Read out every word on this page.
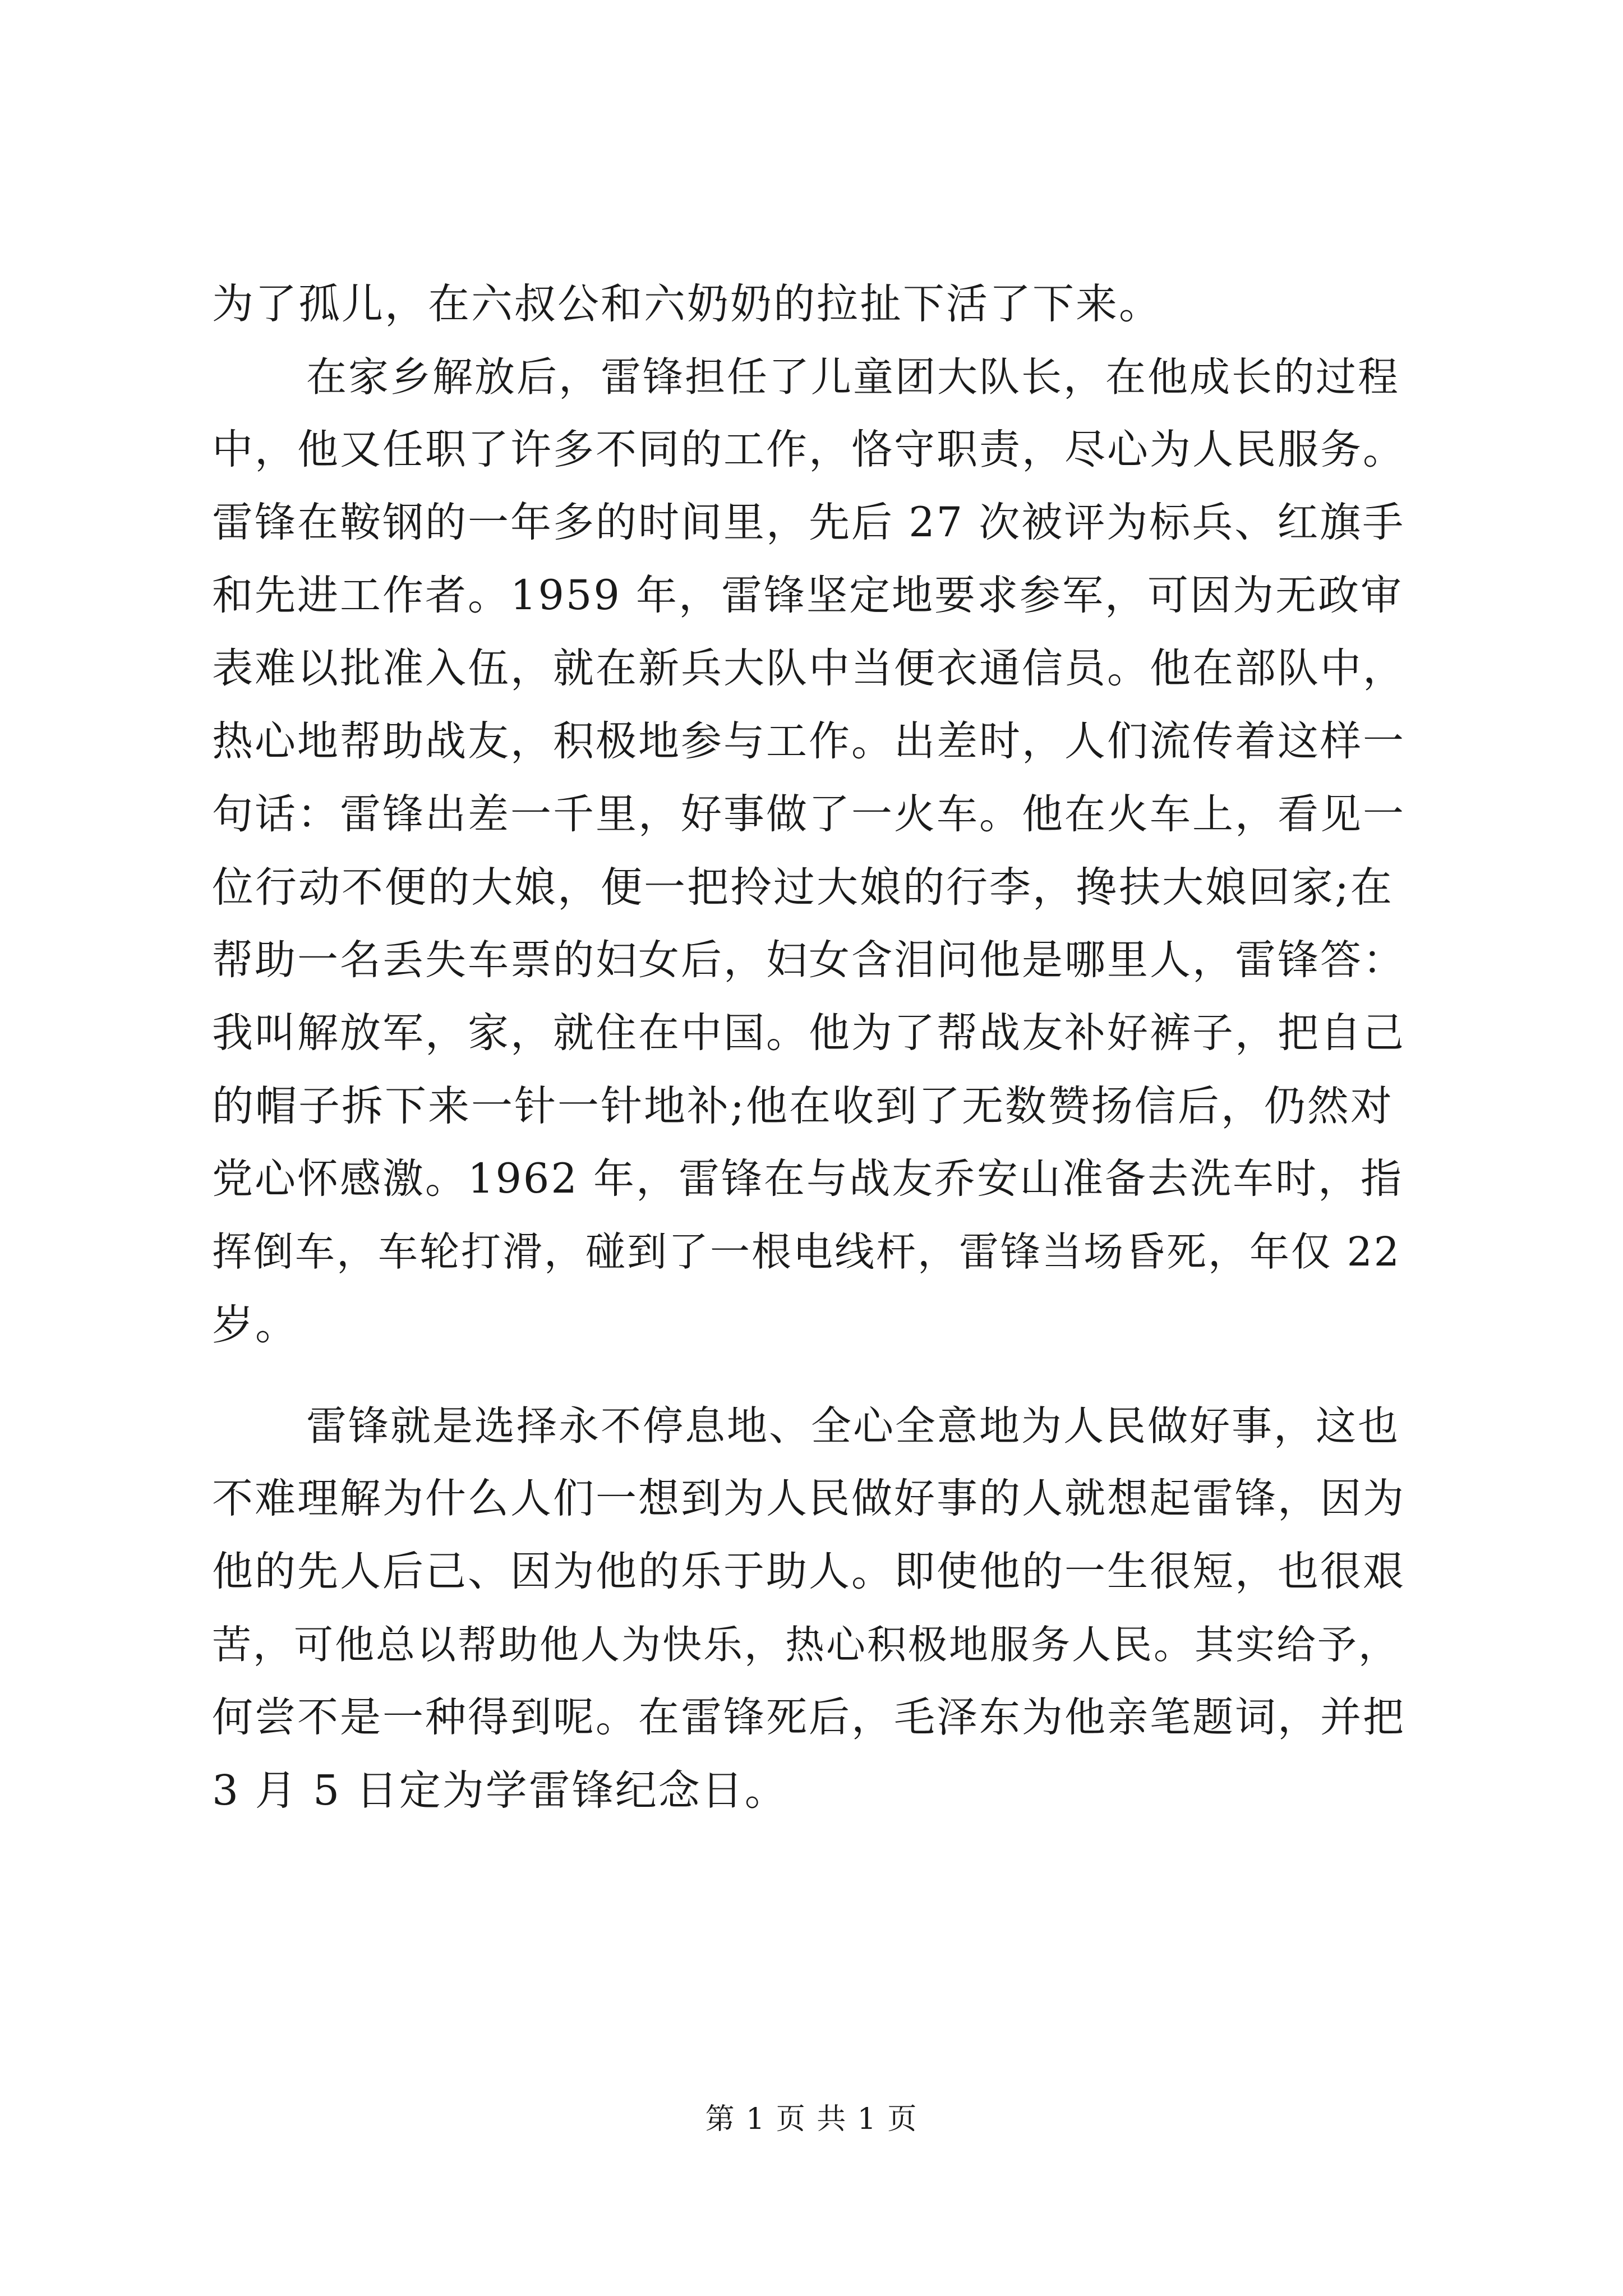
为了孤儿，在六叔公和六奶奶的拉扯下活了下来。
在家乡解放后，雷锋担任了儿童团大队长，在他成长的过程
中，他又任职了许多不同的工作，恪守职责，尽心为人民服务。
雷锋在鞍钢的一年多的时间里，先后 27 次被评为标兵、红旗手
和先进工作者。1959 年，雷锋坚定地要求参军，可因为无政审
表难以批准入伍，就在新兵大队中当便衣通信员。他在部队中，
热心地帮助战友，积极地参与工作。出差时，人们流传着这样一
句话：雷锋出差一千里，好事做了一火车。他在火车上，看见一
位行动不便的大娘，便一把拎过大娘的行李，搀扶大娘回家;在
帮助一名丢失车票的妇女后，妇女含泪问他是哪里人，雷锋答：
我叫解放军，家，就住在中国。他为了帮战友补好裤子，把自己
的帽子拆下来一针一针地补;他在收到了无数赞扬信后，仍然对
党心怀感激。1962 年，雷锋在与战友乔安山准备去洗车时，指
挥倒车，车轮打滑，碰到了一根电线杆，雷锋当场昏死，年仅 22
岁。
雷锋就是选择永不停息地、全心全意地为人民做好事，这也
不难理解为什么人们一想到为人民做好事的人就想起雷锋，因为
他的先人后己、因为他的乐于助人。即使他的一生很短，也很艰
苦，可他总以帮助他人为快乐，热心积极地服务人民。其实给予，
何尝不是一种得到呢。在雷锋死后，毛泽东为他亲笔题词，并把
3 月 5 日定为学雷锋纪念日。
第 1 页 共 1 页
